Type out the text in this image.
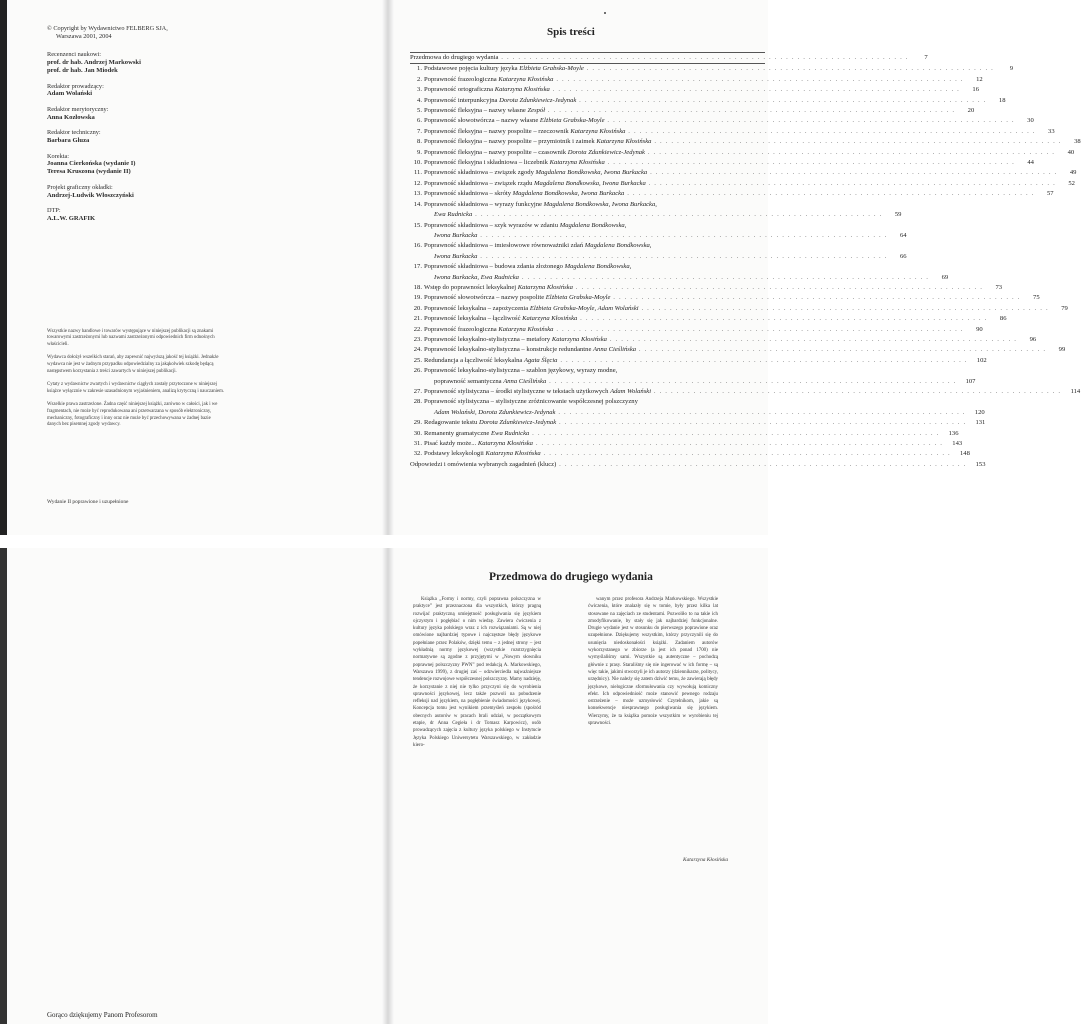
© Copyright by Wydawnictwo FELBERG SJA,
Warszawa 2001, 2004
Recenzenci naukowi:
prof. dr hab. Andrzej Markowski
prof. dr hab. Jan Miodek
Redaktor prowadzący:
Adam Wolański
Redaktor merytoryczny:
Anna Kozłowska
Redaktor techniczny:
Barbara Gluza
Korekta:
Joanna Cierkońska (wydanie I)
Teresa Kruszona (wydanie II)
Projekt graficzny okładki:
Andrzej-Ludwik Włoszczyński
DTP:
A.L.W. GRAFIK

Wszystkie nazwy handlowe i towarów występujące w niniejszej publikacji są znakami towarowymi zastrzeżonymi lub nazwami zastrzeżonymi odpowiednich firm odnośnych właścicieli.

Wydawca dołożył wszelkich starań, aby zapewnić najwyższą jakość tej książki. Jednakże wydawca nie jest w żadnym przypadku odpowiedzialny za jakąkolwiek szkodę będącą następstwem korzystania z treści zawartych w niniejszej publikacji.

Cytaty z wydawnictw zwartych i wydawnictw ciągłych zostały przytoczone w niniejszej książce wyłącznie w zakresie uzasadnionym wyjaśnieniem, analizą krytyczną i nauczaniem.

Wszelkie prawa zastrzeżone. Żadna część niniejszej książki, zarówno w całości, jak i we fragmentach, nie może być reprodukowana ani przetwarzana w sposób elektroniczny, mechaniczny, fotograficzny i inny oraz nie może być przechowywana w żadnej bazie danych bez pisemnej zgody wydawcy.

Wydanie II poprawione i uzupełnione
Spis treści
Przedmowa do drugiego wydania . . . . . . . . . . . . . . . . . . . . . . . . . . . . . . . . . . . . . . . . . . . . . . . . . . . . . . . . . . . . . . . . . . . . . . . .	7
1. Podstawowe pojęcia kultury języka Elżbieta Grabska-Moyle . . . . . . . . . . . . . . . . . . . . . . . . . . . . . . . . . . . . . . . . . . . . . . . . . . . . . . . . . . . . . . . . . . . . . . . .	9
2. Poprawność frazeologiczna Katarzyna Kłosińska . . . . . . . . . . . . . . . . . . . . . . . . . . . . . . . . . . . . . . . . . . . . . . . . . . . . . . . . . . . . . . . . . . . . . . . .	12
3. Poprawność ortograficzna Katarzyna Kłosińska . . . . . . . . . . . . . . . . . . . . . . . . . . . . . . . . . . . . . . . . . . . . . . . . . . . . . . . . . . . . . . . . . . . . . . . .	16
4. Poprawność interpunkcyjna Dorota Zdunkiewicz-Jedynak . . . . . . . . . . . . . . . . . . . . . . . . . . . . . . . . . . . . . . . . . . . . . . . . . . . . . . . . . . . . . . . . . . . . . . . .	18
5. Poprawność fleksyjna – nazwy własne Zespół . . . . . . . . . . . . . . . . . . . . . . . . . . . . . . . . . . . . . . . . . . . . . . . . . . . . . . . . . . . . . . . . . . . . . . . .	20
6. Poprawność słowotwórcza – nazwy własne Elżbieta Grabska-Moyle . . . . . . . . . . . . . . . . . . . . . . . . . . . . . . . . . . . . . . . . . . . . . . . . . . . . . . . . . . . . . . . . . . . . . . . .	30
7. Poprawność fleksyjna – nazwy pospolite – rzeczownik Katarzyna Kłosińska . . . . . . . . . . . . . . . . . . . . . . . . . . . . . . . . . . . . . . . . . . . . . . . . . . . . . . . . . . . . . . . . . . . . . . . .	33
8. Poprawność fleksyjna – nazwy pospolite – przymiotnik i zaimek Katarzyna Kłosińska . . . . . . . . . . . . . . . . . . . . . . . . . . . . . . . . . . . . . . . . . . . . . . . . . . . . . . . . . . . . . . . . . . . . . . . .	38
9. Poprawność fleksyjna – nazwy pospolite – czasownik Dorota Zdunkiewicz-Jedynak . . . . . . . . . . . . . . . . . . . . . . . . . . . . . . . . . . . . . . . . . . . . . . . . . . . . . . . . . . . . . . . . . . . . . . . .	40
10. Poprawność fleksyjna i składniowa – liczebnik Katarzyna Kłosińska . . . . . . . . . . . . . . . . . . . . . . . . . . . . . . . . . . . . . . . . . . . . . . . . . . . . . . . . . . . . . . . . . . . . . . . .	44
11. Poprawność składniowa – związek zgody Magdalena Bondkowska, Iwona Burkacka . . . . . . . . . . . . . . . . . . . . . . . . . . . . . . . . . . . . . . . . . . . . . . . . . . . . . . . . . . . . . . . . . . . . . . . .	49
12. Poprawność składniowa – związek rządu Magdalena Bondkowska, Iwona Burkacka . . . . . . . . . . . . . . . . . . . . . . . . . . . . . . . . . . . . . . . . . . . . . . . . . . . . . . . . . . . . . . . . . . . . . . . .	52
13. Poprawność składniowa – skróty Magdalena Bondkowska, Iwona Burkacka . . . . . . . . . . . . . . . . . . . . . . . . . . . . . . . . . . . . . . . . . . . . . . . . . . . . . . . . . . . . . . . . . . . . . . . .	57
14. Poprawność składniowa – wyrazy funkcyjne Magdalena Bondkowska, Iwona Burkacka,
Ewa Rudnicka . . . . . . . . . . . . . . . . . . . . . . . . . . . . . . . . . . . . . . . . . . . . . . . . . . . . . . . . . . . . . . . . . . . . . . . .	59
15. Poprawność składniowa – szyk wyrazów w zdaniu Magdalena Bondkowska,
Iwona Burkacka . . . . . . . . . . . . . . . . . . . . . . . . . . . . . . . . . . . . . . . . . . . . . . . . . . . . . . . . . . . . . . . . . . . . . . . .	64
16. Poprawność składniowa – imiesłowowe równoważniki zdań Magdalena Bondkowska,
Iwona Burkacka . . . . . . . . . . . . . . . . . . . . . . . . . . . . . . . . . . . . . . . . . . . . . . . . . . . . . . . . . . . . . . . . . . . . . . . .	66
17. Poprawność składniowa – budowa zdania złożonego Magdalena Bondkowska,
Iwona Burkacka, Ewa Rudnicka . . . . . . . . . . . . . . . . . . . . . . . . . . . . . . . . . . . . . . . . . . . . . . . . . . . . . . . . . . . . . . . . . . . . . . . .	69
18. Wstęp do poprawności leksykalnej Katarzyna Kłosińska . . . . . . . . . . . . . . . . . . . . . . . . . . . . . . . . . . . . . . . . . . . . . . . . . . . . . . . . . . . . . . . . . . . . . . . .	73
19. Poprawność słowotwórcza – nazwy pospolite Elżbieta Grabska-Moyle . . . . . . . . . . . . . . . . . . . . . . . . . . . . . . . . . . . . . . . . . . . . . . . . . . . . . . . . . . . . . . . . . . . . . . . .	75
20. Poprawność leksykalna – zapożyczenia Elżbieta Grabska-Moyle, Adam Wolański . . . . . . . . . . . . . . . . . . . . . . . . . . . . . . . . . . . . . . . . . . . . . . . . . . . . . . . . . . . . . . . . . . . . . . . .	79
21. Poprawność leksykalna – łączliwość Katarzyna Kłosińska . . . . . . . . . . . . . . . . . . . . . . . . . . . . . . . . . . . . . . . . . . . . . . . . . . . . . . . . . . . . . . . . . . . . . . . .	86
22. Poprawność frazeologiczna Katarzyna Kłosińska . . . . . . . . . . . . . . . . . . . . . . . . . . . . . . . . . . . . . . . . . . . . . . . . . . . . . . . . . . . . . . . . . . . . . . . .	90
23. Poprawność leksykalno-stylistyczna – metafory Katarzyna Kłosińska . . . . . . . . . . . . . . . . . . . . . . . . . . . . . . . . . . . . . . . . . . . . . . . . . . . . . . . . . . . . . . . . . . . . . . . .	96
24. Poprawność leksykalno-stylistyczna – konstrukcje redundantne Anna Cieślińska . . . . . . . . . . . . . . . . . . . . . . . . . . . . . . . . . . . . . . . . . . . . . . . . . . . . . . . . . . . . . . . . . . . . . . . .	99
25. Redundancja a łączliwość leksykalna Agata Ślęcia . . . . . . . . . . . . . . . . . . . . . . . . . . . . . . . . . . . . . . . . . . . . . . . . . . . . . . . . . . . . . . . . . . . . . . . .	102
26. Poprawność leksykalno-stylistyczna – szablon językowy, wyrazy modne,
poprawność semantyczna Anna Cieślińska . . . . . . . . . . . . . . . . . . . . . . . . . . . . . . . . . . . . . . . . . . . . . . . . . . . . . . . . . . . . . . . . . . . . . . . .	107
27. Poprawność stylistyczna – środki stylistyczne w tekstach użytkowych Adam Wolański . . . . . . . . . . . . . . . . . . . . . . . . . . . . . . . . . . . . . . . . . . . . . . . . . . . . . . . . . . . . . . . . . . . . . . . .	114
28. Poprawność stylistyczna – stylistyczne zróżnicowanie współczesnej polszczyzny
Adam Wolański, Dorota Zdunkiewicz-Jedynak . . . . . . . . . . . . . . . . . . . . . . . . . . . . . . . . . . . . . . . . . . . . . . . . . . . . . . . . . . . . . . . . . . . . . . . .	120
29. Redagowanie tekstu Dorota Zdunkiewicz-Jedynak . . . . . . . . . . . . . . . . . . . . . . . . . . . . . . . . . . . . . . . . . . . . . . . . . . . . . . . . . . . . . . . . . . . . . . . .	131
30. Remanenty gramatyczne Ewa Rudnicka . . . . . . . . . . . . . . . . . . . . . . . . . . . . . . . . . . . . . . . . . . . . . . . . . . . . . . . . . . . . . . . . . . . . . . . .	136
31. Pisać każdy może... Katarzyna Kłosińska . . . . . . . . . . . . . . . . . . . . . . . . . . . . . . . . . . . . . . . . . . . . . . . . . . . . . . . . . . . . . . . . . . . . . . . .	143
32. Podstawy leksykologii Katarzyna Kłosińska . . . . . . . . . . . . . . . . . . . . . . . . . . . . . . . . . . . . . . . . . . . . . . . . . . . . . . . . . . . . . . . . . . . . . . . .	148
Odpowiedzi i omówienia wybranych zagadnień (klucz) . . . . . . . . . . . . . . . . . . . . . . . . . . . . . . . . . . . . . . . . . . . . . . . . . . . . . . . . . . . . . . . . . . . . . . . .	153
Gorąco dziękujemy Panom Profesorom
Przedmowa do drugiego wydania

Książka „Formy i normy, czyli poprawna polszczyzna w praktyce” jest przeznaczona dla wszystkich, którzy pragną rozwijać praktyczną umiejętność posługiwania się językiem ojczystym i pogłębiać o nim wiedzę. Zawiera ćwiczenia z kultury języka polskiego wraz z ich rozwiązaniami. Są w niej omówione najbardziej typowe i najczęstsze błędy językowe popełniane przez Polaków, dzięki temu – z jednej strony – jest wykładnią normy językowej (wszystkie rozstrzygnięcia normatywne są zgodne z przyjętymi w „Nowym słowniku poprawnej polszczyzny PWN” pod redakcją A. Markowskiego, Warszawa 1999), z drugiej zaś – odzwierciedla najważniejsze tendencje rozwojowe współczesnej polszczyzny. Mamy nadzieję, że korzystanie z niej nie tylko przyczyni się do wyrobienia sprawności językowej, lecz także pozwoli na pobudzenie refleksji nad językiem, na pogłębienie świadomości językowej. Koncepcja tomu jest wynikiem przemyśleń zespołu (spośród obecnych autorów w pracach brali udział, w początkowym etapie, dr Anna Cegieła i dr Tomasz Karpowicz), osób prowadzących zajęcia z kultury języka polskiego w Instytucie Języka Polskiego Uniwersytetu Warszawskiego, w zakładzie kiero-

wanym przez profesora Andrzeja Markowskiego. Wszystkie ćwiczenia, które znalazły się w tomie, były przez kilka lat stosowane na zajęciach ze studentami. Pozwoliło to na takie ich zmodyfikowanie, by stały się jak najbardziej funkcjonalne. Drugie wydanie jest w stosunku do pierwszego poprawione oraz uzupełnione. Dziękujemy wszystkim, którzy przyczynili się do usunięcia niedoskonałości książki. Zadaniem autorów wykorzystanego w zbiorze (a jest ich ponad 1700) nie wymyślaliśmy sami. Wszystkie są autentyczne – pochodzą głównie z prasy. Staraliśmy się nie ingerować w ich formę – są więc takie, jakimi stworzyli je ich autorzy (dziennikarze, politycy, urzędnicy). Nie należy się zatem dziwić temu, że zawierają błędy językowe, nielogiczne sformułowania czy wywołują komiczny efekt. Ich odpowiedniość może stanowić pewnego rodzaju ostrzeżenie – może uzmysłowić Czytelnikom, jakie są konsekwencje niesprawnego posługiwania się językiem. Wierzymy, że ta książka pomoże wszystkim w wyrobieniu tej sprawności.

Katarzyna Kłosińska
